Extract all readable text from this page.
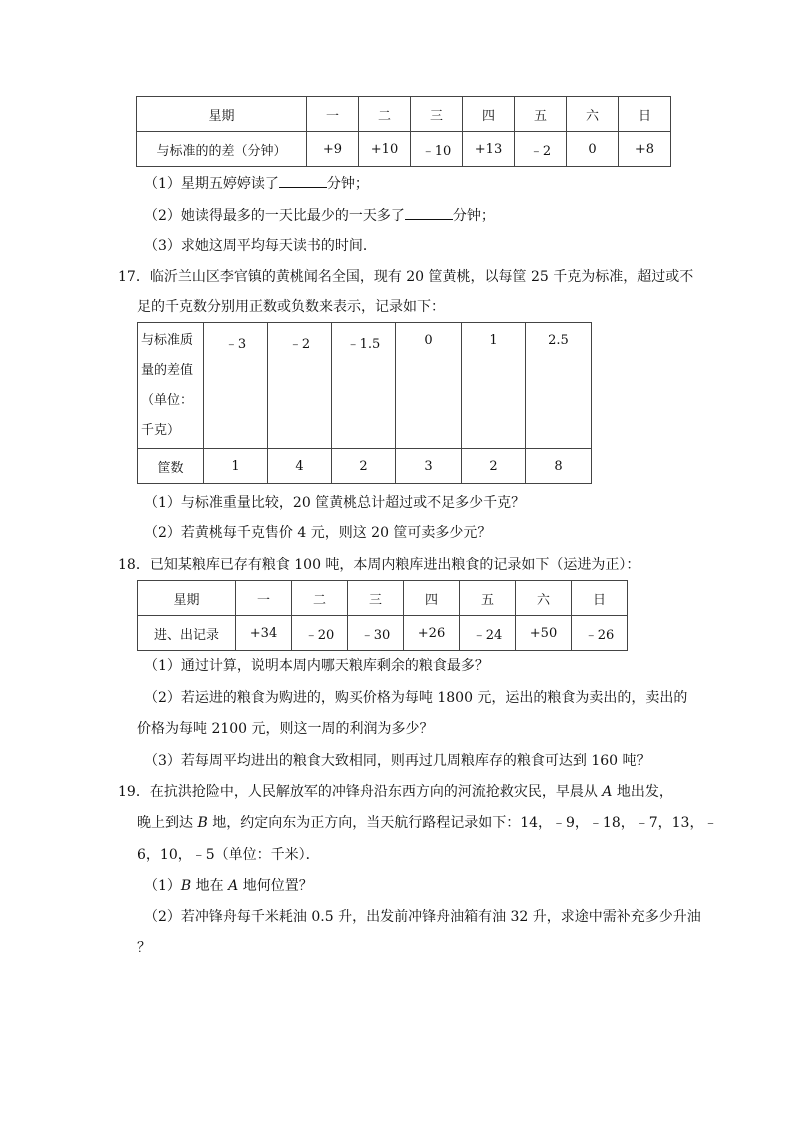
星期	一	二	三	四	五	六	日
与标准的的差（分钟）	+9	+10	﹣10	+13	﹣2	0	+8
（1）星期五婷婷读了	分钟；
（2）她读得最多的一天比最少的一天多了	分钟；
（3）求她这周平均每天读书的时间．
17．临沂兰山区李官镇的黄桃闻名全国，现有 20 筐黄桃，以每筐 25 千克为标准，超过或不
足的千克数分别用正数或负数来表示，记录如下：
与标准质
量的差值
（单位：
千克）	﹣3	﹣2	﹣1.5	0	1	2.5
筐数	1	4	2	3	2	8
（1）与标准重量比较，20 筐黄桃总计超过或不足多少千克？
（2）若黄桃每千克售价 4 元，则这 20 筐可卖多少元？
18．已知某粮库已存有粮食 100 吨，本周内粮库进出粮食的记录如下（运进为正）：
星期	一	二	三	四	五	六	日
进、出记录	+34	﹣20	﹣30	+26	﹣24	+50	﹣26
（1）通过计算，说明本周内哪天粮库剩余的粮食最多？
（2）若运进的粮食为购进的，购买价格为每吨 1800 元，运出的粮食为卖出的，卖出的
价格为每吨 2100 元，则这一周的利润为多少？
（3）若每周平均进出的粮食大致相同，则再过几周粮库存的粮食可达到 160 吨？
19．在抗洪抢险中，人民解放军的冲锋舟沿东西方向的河流抢救灾民，早晨从 A 地出发，
晚上到达 B 地，约定向东为正方向，当天航行路程记录如下：14，﹣9，﹣18，﹣7，13，﹣
6，10，﹣5（单位：千米）．
（1）B 地在 A 地何位置？
（2）若冲锋舟每千米耗油 0.5 升，出发前冲锋舟油箱有油 32 升，求途中需补充多少升油
？
